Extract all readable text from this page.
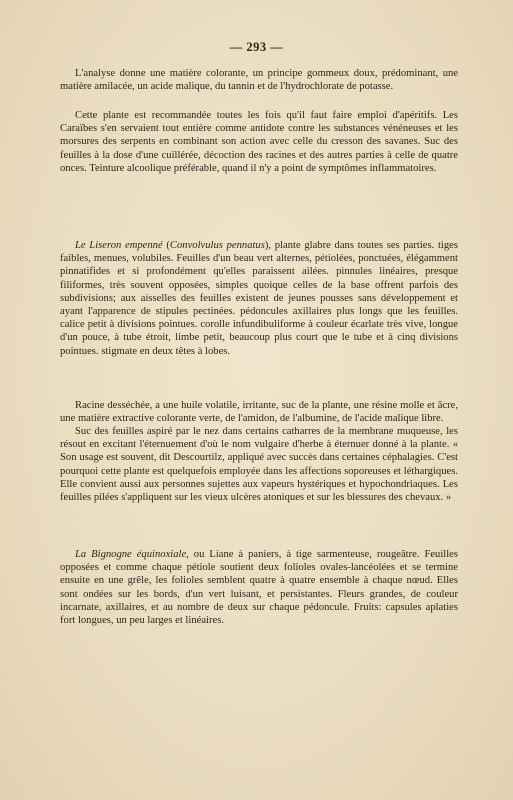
— 293 —

L'analyse donne une matière colorante, un principe gommeux doux, prédominant, une matière amilacée, un acide malique, du tannin et de l'hydrochlorate de potasse.

Cette plante est recommandée toutes les fois qu'il faut faire emploi d'apéritifs. Les Caraïbes s'en servaient tout entière comme antidote contre les substances vénéneuses et les morsures des serpents en combinant son action avec celle du cresson des savanes. Suc des feuilles à la dose d'une cuillérée, décoction des racines et des autres parties à celle de quatre onces. Teinture alcoolique préférable, quand il n'y a point de symptômes inflammatoires.

Le Liseron empenné (Convolvulus pennatus), plante glabre dans toutes ses parties. tiges faibles, menues, volubiles. Feuilles d'un beau vert alternes, pétiolées, ponctuées, élégamment pinnatifides et si profondément qu'elles paraissent ailées. pinnules linéaires, presque filiformes, très souvent opposées, simples quoique celles de la base offrent parfois des subdivisions; aux aisselles des feuilles existent de jeunes pousses sans développement et ayant l'apparence de stipules pectinées. pédoncules axillaires plus longs que les feuilles. calice petit à divisions pointues. corolle infundibuliforme à couleur écarlate très vive, longue d'un pouce, à tube étroit, limbe petit, beaucoup plus court que le tube et à cinq divisions pointues. stigmate en deux têtes à lobes.

Racine desséchée, a une huile volatile, irritante, suc de la plante, une résine molle et âcre, une matière extractive colorante verte, de l'amidon, de l'albumine, de l'acide malique libre.

Suc des feuilles aspiré par le nez dans certains catharres de la membrane muqueuse, les résout en excitant l'éternuement d'où le nom vulgaire d'herbe à éternuer donné à la plante. « Son usage est souvent, dit Descourtilz, appliqué avec succès dans certaines céphalagies. C'est pourquoi cette plante est quelquefois employée dans les affections soporeuses et léthargiques. Elle convient aussi aux personnes sujettes aux vapeurs hystériques et hypochondriaques. Les feuilles pilées s'appliquent sur les vieux ulcères atoniques et sur les blessures des chevaux. »

La Bignogne équinoxiale, ou Liane à paniers, à tige sarmenteuse, rougeâtre. Feuilles opposées et comme chaque pétiole soutient deux folioles ovales-lancéolées et se termine ensuite en une grêle, les folioles semblent quatre à quatre ensemble à chaque nœud. Elles sont ondées sur les bords, d'un vert luisant, et persistantes. Fleurs grandes, de couleur incarnate, axillaires, et au nombre de deux sur chaque pédoncule. Fruits: capsules aplaties fort longues, un peu larges et linéaires.
